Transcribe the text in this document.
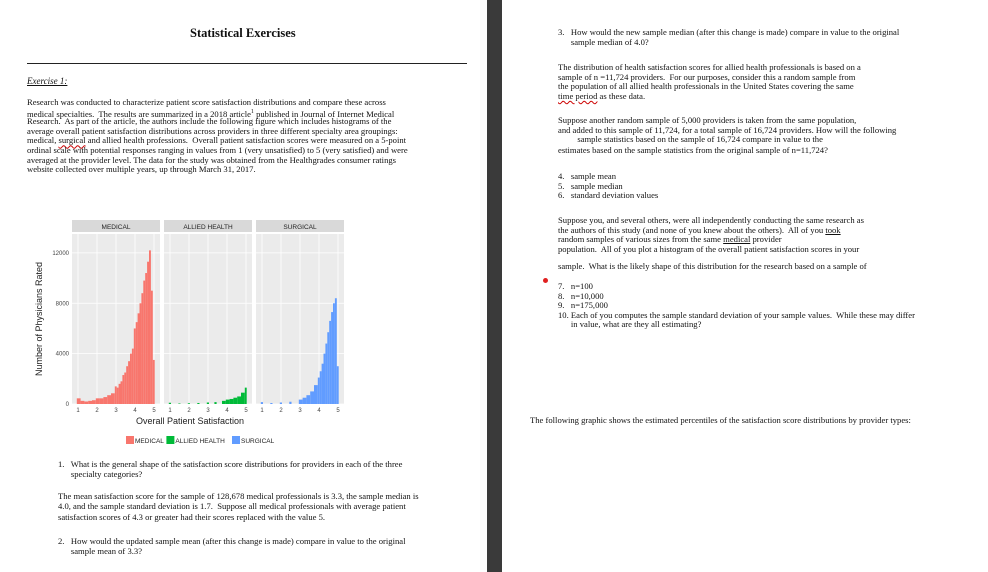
Statistical Exercises
Exercise 1:
Research was conducted to characterize patient score satisfaction distributions and compare these across
medical specialties.  The results are summarized in a 2018 article$^1$ published in Journal of Internet Medical
Research.  As part of the article, the authors include the following figure which includes histograms of the
average overall patient satisfaction distributions across providers in three different specialty area groupings:
medical, surgical and allied health professions.  Overall patient satisfaction scores were measured on a 5-point
ordinal scale with potential responses ranging in values from 1 (very unsatisfied) to 5 (very satisfied) and were
averaged at the provider level. The data for the study was obtained from the Healthgrades consumer ratings
website collected over multiple years, up through March 31, 2017.
Number of Physicians Rated
MEDICAL
1	2	3	4	5
ALLIED HEALTH
1	2	3	4	5
SURGICAL
1	2	3	4	5
0
4000
8000
12000
Overall Patient Satisfaction
MEDICAL ALLIED HEALTH SURGICAL
1.   What is the general shape of the satisfaction score distributions for providers in each of the three
specialty categories?
The mean satisfaction score for the sample of 128,678 medical professionals is 3.3, the sample median is
4.0, and the sample standard deviation is 1.7.  Suppose all medical professionals with average patient
satisfaction scores of 4.3 or greater had their scores replaced with the value 5.
2.   How would the updated sample mean (after this change is made) compare in value to the original
sample mean of 3.3?
3.   How would the new sample median (after this change is made) compare in value to the original
sample median of 4.0?
The distribution of health satisfaction scores for allied health professionals is based on a
sample of n =11,724 providers.  For our purposes, consider this a random sample from
the population of all allied health professionals in the United States covering the same
time period as these data.
Suppose another random sample of 5,000 providers is taken from the same population,
and added to this sample of 11,724, for a total sample of 16,724 providers. How will the following
sample statistics based on the sample of 16,724 compare in value to the
estimates based on the sample statistics from the original sample of n=11,724?
4.   sample mean
5.   sample median
6.   standard deviation values
Suppose you, and several others, were all independently conducting the same research as
the authors of this study (and none of you knew about the others).  All of you took
random samples of various sizes from the same medical provider
population.  All of you plot a histogram of the overall patient satisfaction scores in your
sample.  What is the likely shape of this distribution for the research based on a sample of
7.   n=100
8.   n=10,000
9.   n=175,000
10. Each of you computes the sample standard deviation of your sample values.  While these may differ
in value, what are they all estimating?
The following graphic shows the estimated percentiles of the satisfaction score distributions by provider types:
